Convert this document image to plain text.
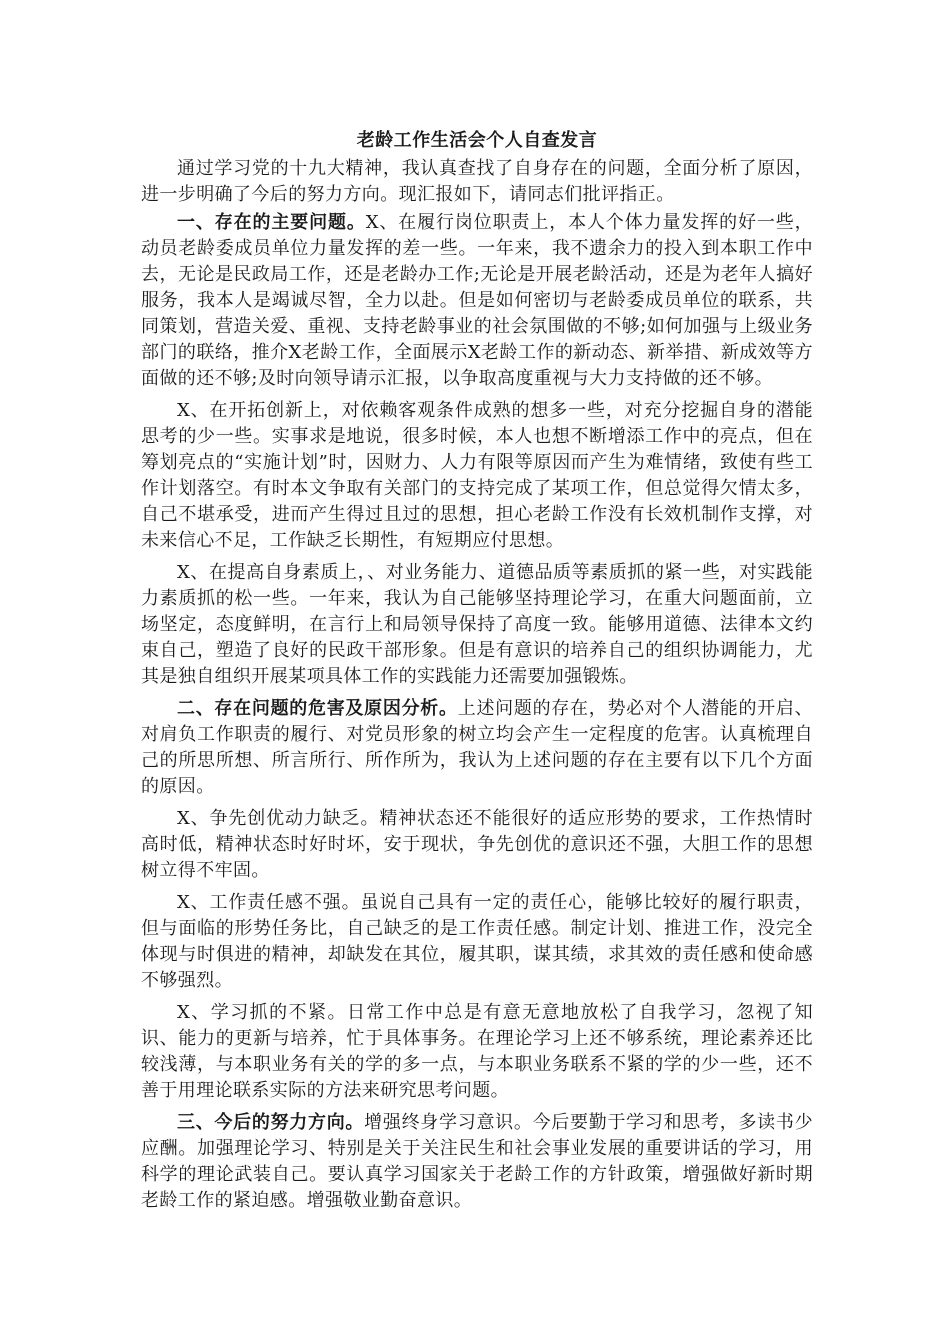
老龄工作生活会个人自查发言

通过学习党的十九大精神，我认真查找了自身存在的问题，全面分析了原因，进一步明确了今后的努力方向。现汇报如下，请同志们批评指正。

一、存在的主要问题。X、在履行岗位职责上，本人个体力量发挥的好一些，动员老龄委成员单位力量发挥的差一些。一年来，我不遗余力的投入到本职工作中去，无论是民政局工作，还是老龄办工作;无论是开展老龄活动，还是为老年人搞好服务，我本人是竭诚尽智，全力以赴。但是如何密切与老龄委成员单位的联系，共同策划，营造关爱、重视、支持老龄事业的社会氛围做的不够;如何加强与上级业务部门的联络，推介X老龄工作，全面展示X老龄工作的新动态、新举措、新成效等方面做的还不够;及时向领导请示汇报，以争取高度重视与大力支持做的还不够。

X、在开拓创新上，对依赖客观条件成熟的想多一些，对充分挖掘自身的潜能思考的少一些。实事求是地说，很多时候，本人也想不断增添工作中的亮点，但在筹划亮点的“实施计划”时，因财力、人力有限等原因而产生为难情绪，致使有些工作计划落空。有时本文争取有关部门的支持完成了某项工作，但总觉得欠情太多，自己不堪承受，进而产生得过且过的思想，担心老龄工作没有长效机制作支撑，对未来信心不足，工作缺乏长期性，有短期应付思想。

X、在提高自身素质上，、对业务能力、道德品质等素质抓的紧一些，对实践能力素质抓的松一些。一年来，我认为自己能够坚持理论学习，在重大问题面前，立场坚定，态度鲜明，在言行上和局领导保持了高度一致。能够用道德、法律本文约束自己，塑造了良好的民政干部形象。但是有意识的培养自己的组织协调能力，尤其是独自组织开展某项具体工作的实践能力还需要加强锻炼。

二、存在问题的危害及原因分析。上述问题的存在，势必对个人潜能的开启、对肩负工作职责的履行、对党员形象的树立均会产生一定程度的危害。认真梳理自己的所思所想、所言所行、所作所为，我认为上述问题的存在主要有以下几个方面的原因。

X、争先创优动力缺乏。精神状态还不能很好的适应形势的要求，工作热情时高时低，精神状态时好时坏，安于现状，争先创优的意识还不强，大胆工作的思想树立得不牢固。

X、工作责任感不强。虽说自己具有一定的责任心，能够比较好的履行职责，但与面临的形势任务比，自己缺乏的是工作责任感。制定计划、推进工作，没完全体现与时俱进的精神，却缺发在其位，履其职，谋其绩，求其效的责任感和使命感不够强烈。

X、学习抓的不紧。日常工作中总是有意无意地放松了自我学习，忽视了知识、能力的更新与培养，忙于具体事务。在理论学习上还不够系统，理论素养还比较浅薄，与本职业务有关的学的多一点，与本职业务联系不紧的学的少一些，还不善于用理论联系实际的方法来研究思考问题。

三、今后的努力方向。增强终身学习意识。今后要勤于学习和思考，多读书少应酬。加强理论学习、特别是关于关注民生和社会事业发展的重要讲话的学习，用科学的理论武装自己。要认真学习国家关于老龄工作的方针政策，增强做好新时期老龄工作的紧迫感。增强敬业勤奋意识。
